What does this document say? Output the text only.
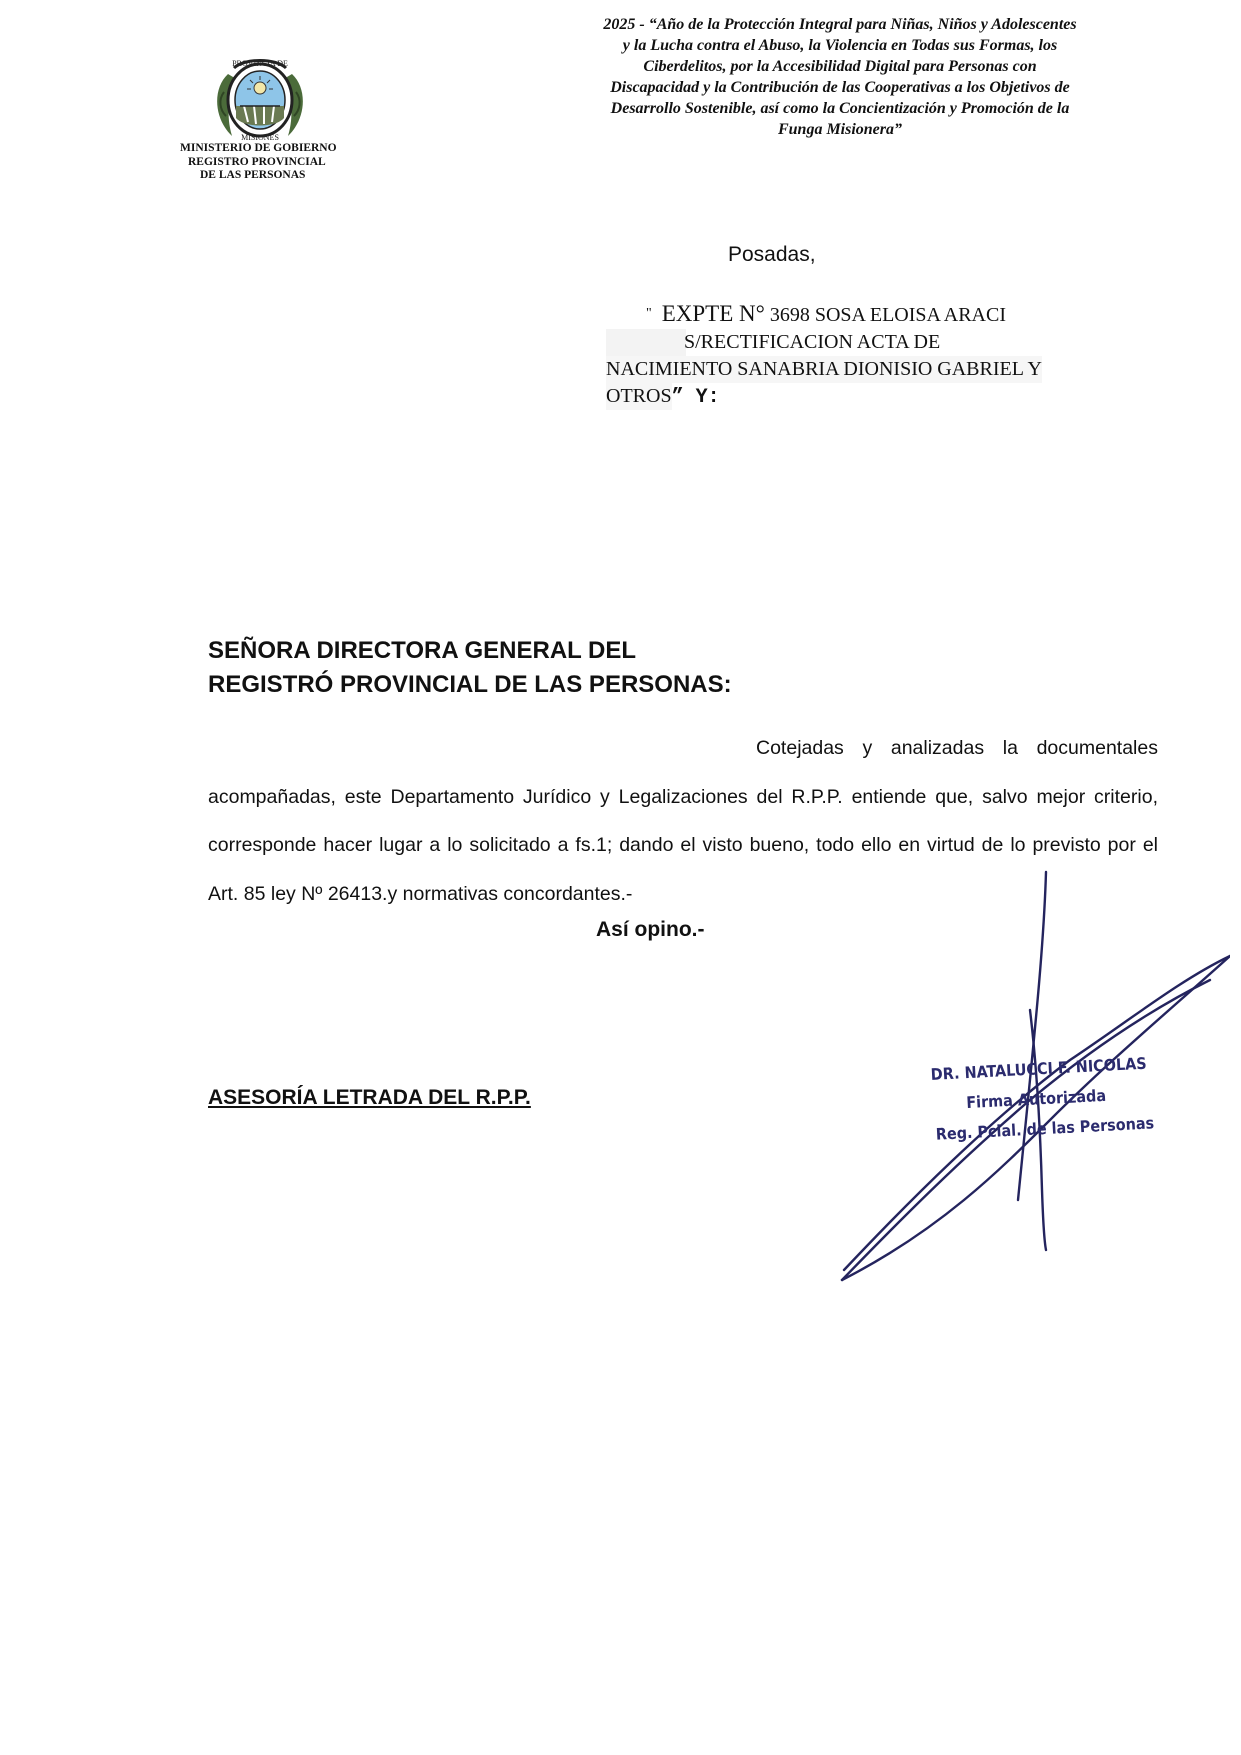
PROVINCIA DE
MISIONES
MINISTERIO DE GOBIERNO
REGISTRO PROVINCIAL
DE LAS PERSONAS
2025 - “Año de la Protección Integral para Niñas, Niños y Adolescentes
y la Lucha contra el Abuso, la Violencia en Todas sus Formas, los
Ciberdelitos, por la Accesibilidad Digital para Personas con
Discapacidad y la Contribución de las Cooperativas a los Objetivos de
Desarrollo Sostenible, así como la Concientización y Promoción de la
Funga Misionera”
Posadas,
" EXPTE N° 3698 SOSA ELOISA ARACI
S/RECTIFICACION ACTA DE
NACIMIENTO SANABRIA DIONISIO GABRIEL Y
OTROS” Y:
SEÑORA DIRECTORA GENERAL DEL
REGISTRÓ PROVINCIAL DE LAS PERSONAS:
Cotejadas y analizadas la documentales acompañadas, este Departamento Jurídico y Legalizaciones del R.P.P. entiende que, salvo mejor criterio, corresponde hacer lugar a lo solicitado a fs.1; dando el visto bueno, todo ello en virtud de lo previsto por el Art. 85 ley Nº 26413.y normativas concordantes.-
Así opino.-
ASESORÍA LETRADA DEL R.P.P.
DR. NATALUCCI F. NICOLAS
Firma Autorizada
Reg. Pcial. de las Personas
